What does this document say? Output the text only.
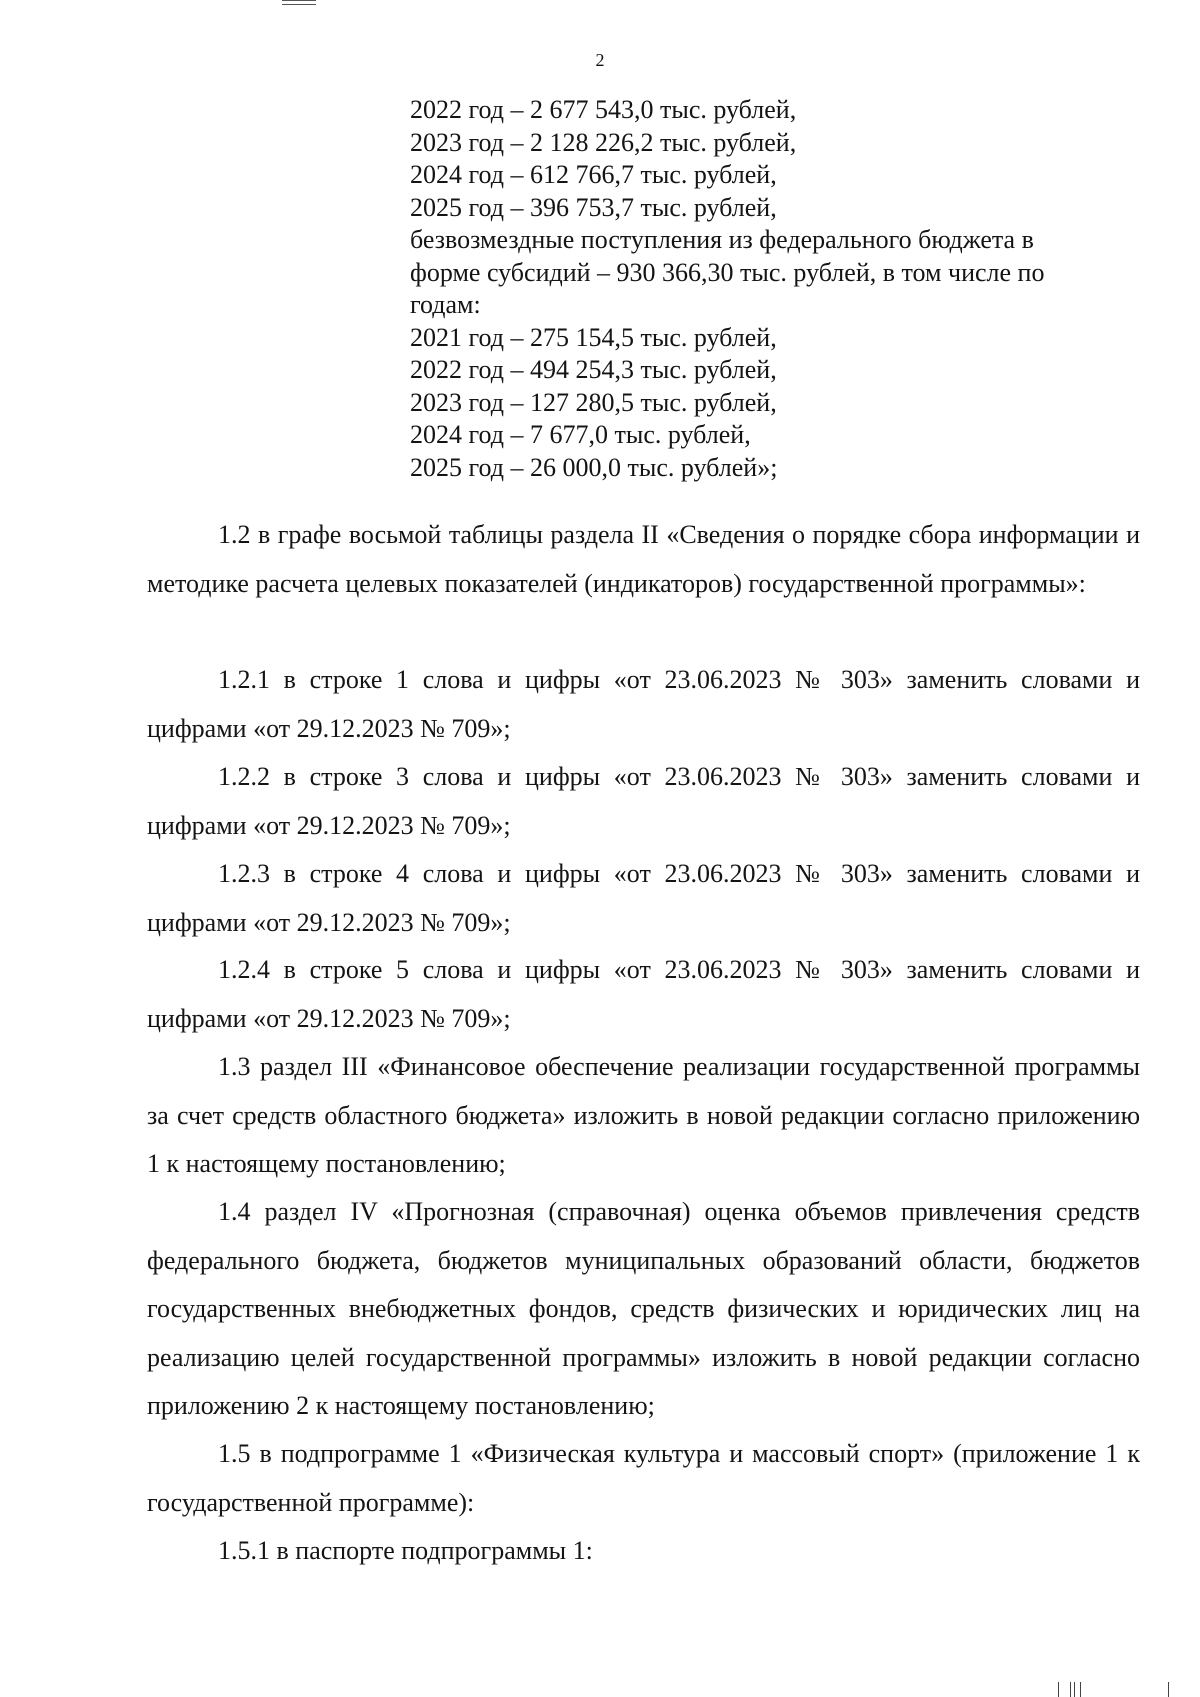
2
2022 год – 2 677 543,0 тыс. рублей,
2023 год – 2 128 226,2 тыс. рублей,
2024 год – 612 766,7 тыс. рублей,
2025 год – 396 753,7 тыс. рублей,
безвозмездные поступления из федерального бюджета в
форме субсидий – 930 366,30 тыс. рублей, в том числе по
годам:
2021 год – 275 154,5 тыс. рублей,
2022 год – 494 254,3 тыс. рублей,
2023 год – 127 280,5 тыс. рублей,
2024 год – 7 677,0 тыс. рублей,
2025 год – 26 000,0 тыс. рублей»;

1.2 в графе восьмой таблицы раздела II «Сведения о порядке сбора информации и методике расчета целевых показателей (индикаторов) государственной программы»:

1.2.1 в строке 1 слова и цифры «от 23.06.2023 № 303» заменить словами и цифрами «от 29.12.2023 № 709»;

1.2.2 в строке 3 слова и цифры «от 23.06.2023 № 303» заменить словами и цифрами «от 29.12.2023 № 709»;

1.2.3 в строке 4 слова и цифры «от 23.06.2023 № 303» заменить словами и цифрами «от 29.12.2023 № 709»;

1.2.4 в строке 5 слова и цифры «от 23.06.2023 № 303» заменить словами и цифрами «от 29.12.2023 № 709»;

1.3 раздел III «Финансовое обеспечение реализации государственной программы за счет средств областного бюджета» изложить в новой редакции согласно приложению 1 к настоящему постановлению;

1.4 раздел IV «Прогнозная (справочная) оценка объемов привлечения средств федерального бюджета, бюджетов муниципальных образований области, бюджетов государственных внебюджетных фондов, средств физических и юридических лиц на реализацию целей государственной программы» изложить в новой редакции согласно приложению 2 к настоящему постановлению;

1.5 в подпрограмме 1 «Физическая культура и массовый спорт» (приложение 1 к государственной программе):

1.5.1 в паспорте подпрограммы 1:
